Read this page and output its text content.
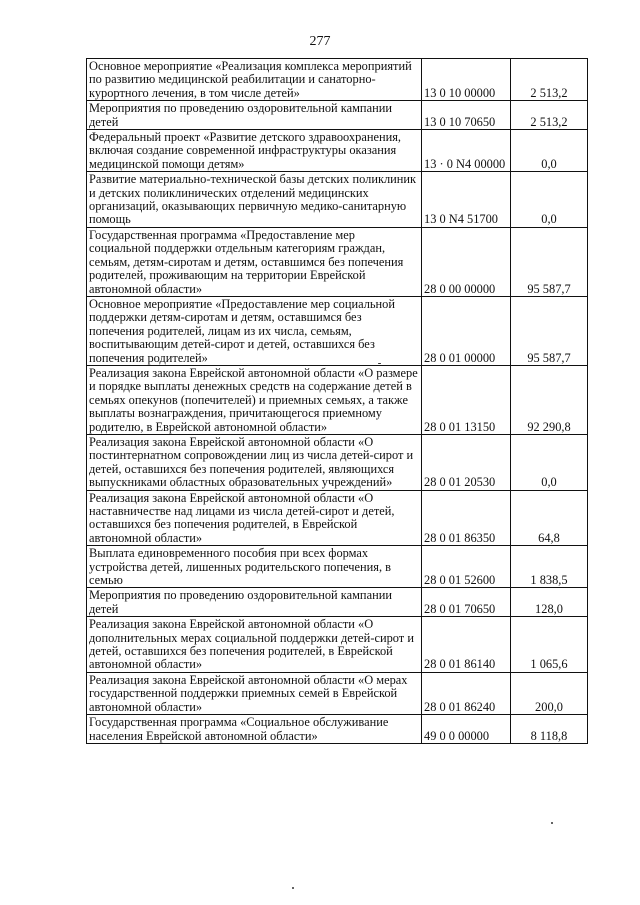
277
Основное мероприятие «Реализация комплекса мероприятий по развитию медицинской реабилитации и санаторно-курортного лечения, в том числе детей»	13 0 10 00000	2 513,2
Мероприятия по проведению оздоровительной кампании детей	13 0 10 70650	2 513,2
Федеральный проект «Развитие детского здравоохранения, включая создание современной инфраструктуры оказания медицинской помощи детям»	13 · 0 N4 00000	0,0
Развитие материально-технической базы детских поликлиник и детских поликлинических отделений медицинских организаций, оказывающих первичную медико-санитарную помощь	13 0 N4 51700	0,0
Государственная программа «Предоставление мер социальной поддержки отдельным категориям граждан, семьям, детям-сиротам и детям, оставшимся без попечения родителей, проживающим на территории Еврейской автономной области»	28 0 00 00000	95 587,7
Основное мероприятие «Предоставление мер социальной поддержки детям-сиротам и детям, оставшимся без попечения родителей, лицам из их числа, семьям, воспитывающим детей-сирот и детей, оставшихся без попечения родителей»	28 0 01 00000	95 587,7
Реализация закона Еврейской автономной области «О размере и порядке выплаты денежных средств на содержание детей в семьях опекунов (попечителей) и приемных семьях, а также выплаты вознаграждения, причитающегося приемному родителю, в Еврейской автономной области»	28 0 01 13150	92 290,8
Реализация закона Еврейской автономной области «О постинтернатном сопровождении лиц из числа детей-сирот и детей, оставшихся без попечения родителей, являющихся выпускниками областных образовательных учреждений»	28 0 01 20530	0,0
Реализация закона Еврейской автономной области «О наставничестве над лицами из числа детей-сирот и детей, оставшихся без попечения родителей, в Еврейской автономной области»	28 0 01 86350	64,8
Выплата единовременного пособия при всех формах устройства детей, лишенных родительского попечения, в семью	28 0 01 52600	1 838,5
Мероприятия по проведению оздоровительной кампании детей	28 0 01 70650	128,0
Реализация закона Еврейской автономной области «О дополнительных мерах социальной поддержки детей-сирот и детей, оставшихся без попечения родителей, в Еврейской автономной области»	28 0 01 86140	1 065,6
Реализация закона Еврейской автономной области «О мерах государственной поддержки приемных семей в Еврейской автономной области»	28 0 01 86240	200,0
Государственная программа «Социальное обслуживание населения Еврейской автономной области»	49 0 0 00000	8 118,8
